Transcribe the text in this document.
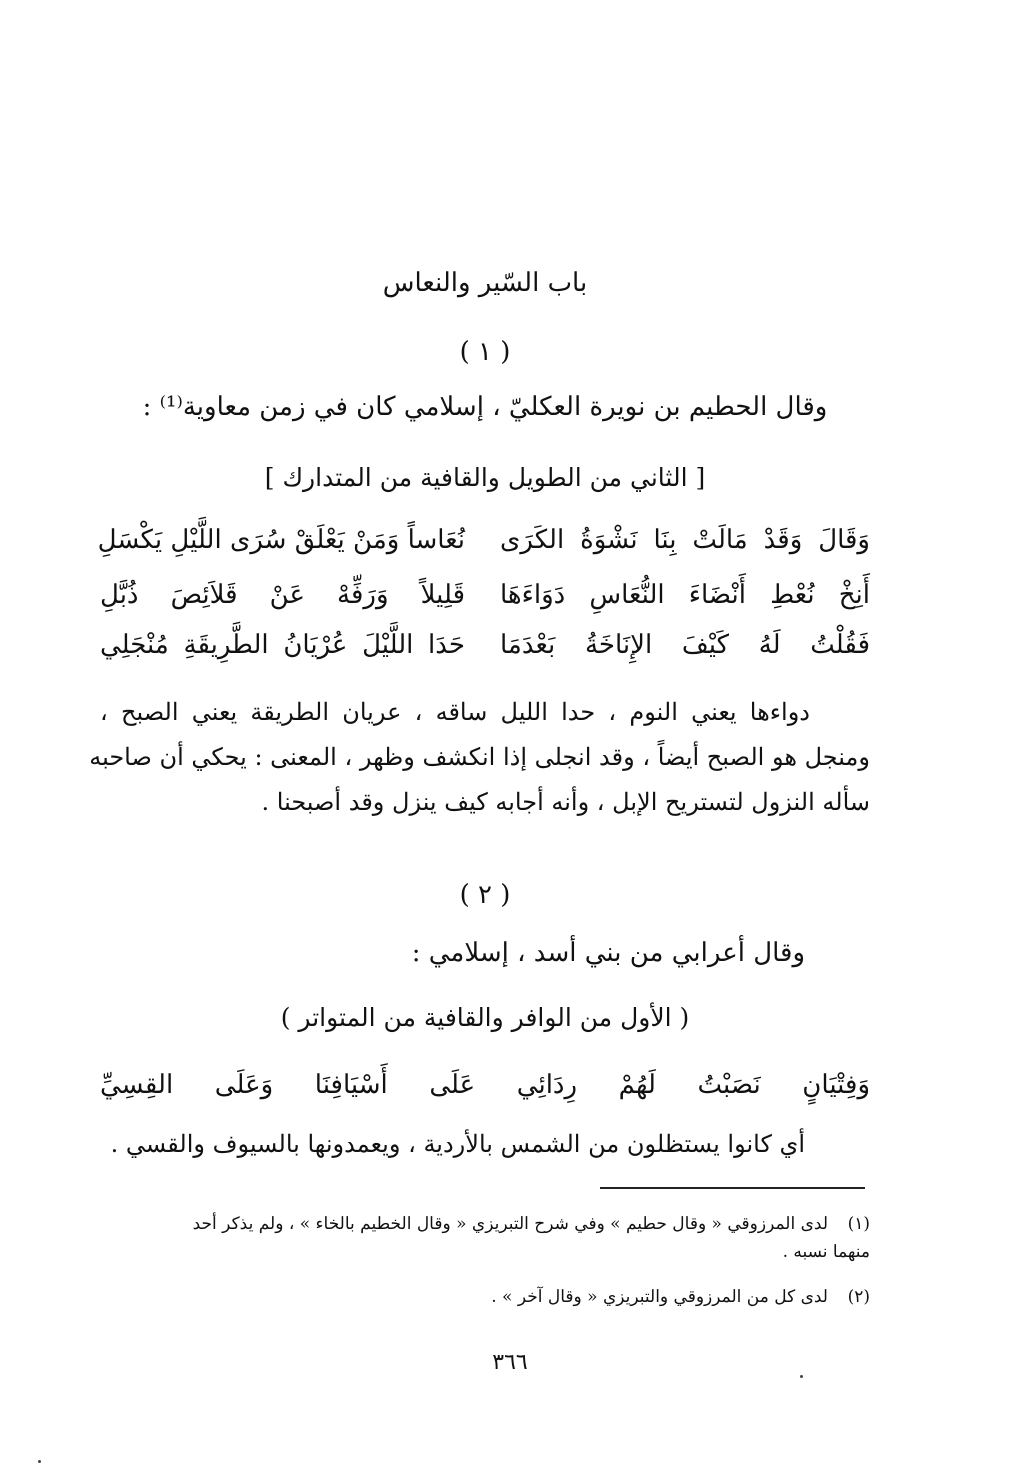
باب السّير والنعاس
( ١ )
وقال الحطيم بن نويرة العكليّ ، إسلامي كان في زمن معاوية⁽¹⁾ :
[ الثاني من الطويل والقافية من المتدارك ]
وَقَالَ وَقَدْ مَالَتْ بِنَا نَشْوَةُ الكَرَى
نُعَاساً وَمَنْ يَعْلَقْ سُرَى اللَّيْلِ يَكْسَلِ
أَنِخْ نُعْطِ أَنْضَاءَ النُّعَاسِ دَوَاءَهَا
قَلِيلاً وَرَفِّهْ عَنْ قَلاَئِصَ ذُبَّلِ
فَقُلْتُ لَهُ كَيْفَ الإِنَاخَةُ بَعْدَمَا
حَدَا اللَّيْلَ عُرْيَانُ الطَّرِيقَةِ مُنْجَلِي
دواءها يعني النوم ، حدا الليل ساقه ، عريان الطريقة يعني الصبح ،
ومنجل هو الصبح أيضاً ، وقد انجلى إذا انكشف وظهر ، المعنى : يحكي أن صاحبه
سأله النزول لتستريح الإبل ، وأنه أجابه كيف ينزل وقد أصبحنا .
( ٢ )
وقال أعرابي من بني أسد ، إسلامي :
( الأول من الوافر والقافية من المتواتر )
وَفِتْيَانٍ نَصَبْتُ لَهُمْ رِدَائِي عَلَى أَسْيَافِنَا وَعَلَى القِسِيِّ
أي كانوا يستظلون من الشمس بالأردية ، ويعمدونها بالسيوف والقسي .
(١)لدى المرزوقي « وقال حطيم » وفي شرح التبريزي « وقال الخطيم بالخاء » ، ولم يذكر أحد
منهما نسبه .
(٢)لدى كل من المرزوقي والتبريزي « وقال آخر » .
٣٦٦
